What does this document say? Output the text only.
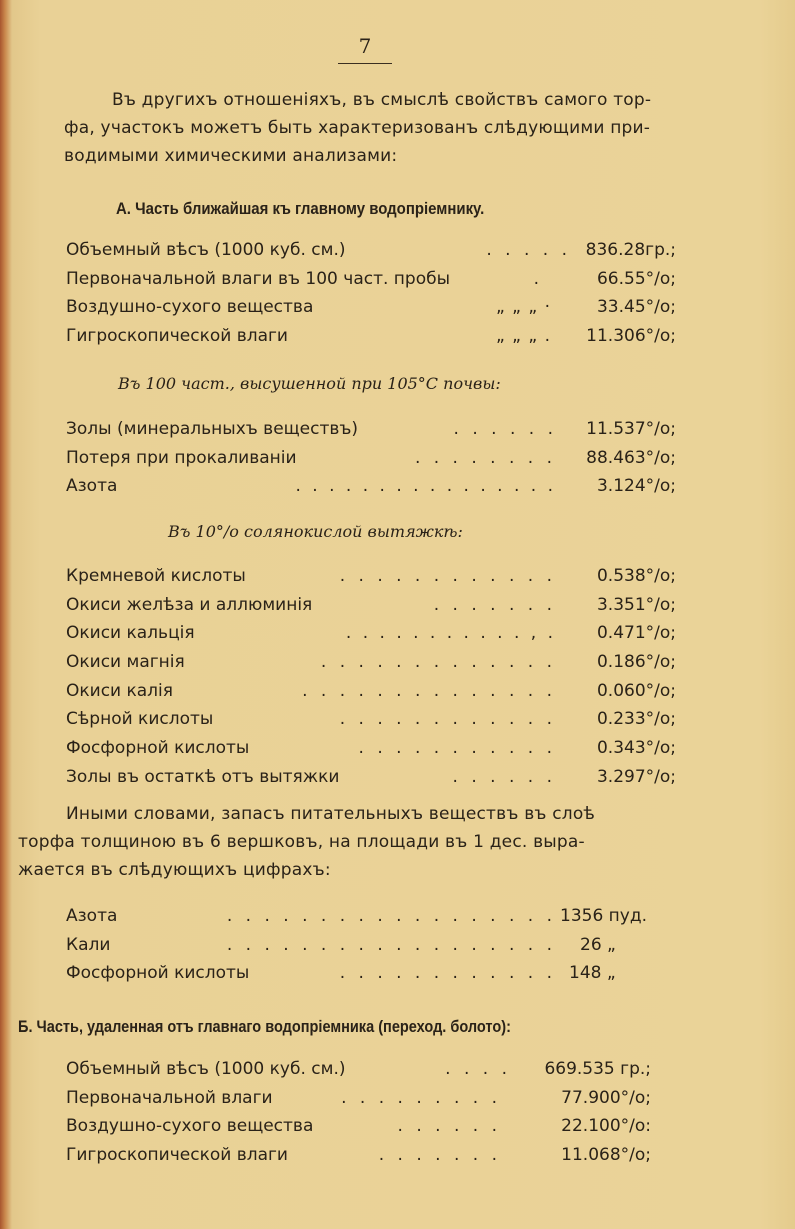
7
Въ другихъ отношеніяхъ, въ смыслѣ свойствъ самого тор-
фа, участокъ можетъ быть характеризованъ слѣдующими при-
водимыми химическими анализами:
А. Часть ближайшая къ главному водопріемнику.
Объемный вѣсъ (1000 куб. см.)	. . . . . 836.28гр.;
Первоначальной влаги въ 100 част. пробы	.	66.55°/о;
Воздушно-сухого вещества	„ „ „ ·	33.45°/о;
Гигроскопической влаги	„ „ „ .	11.306°/о;
Въ 100 част., высушенной при 105°С почвы:
Золы (минеральныхъ веществъ)	. . . . . .	11.537°/о;
Потеря при прокаливаніи	. . . . . . . .	88.463°/о;
Азота	. . . . . . . . . . . . . . . .	3.124°/о;
Въ 10°/о солянокислой вытяжкѣ:
Кремневой кислоты	. . . . . . . . . . . .	0.538°/о;
Окиси желѣза и аллюминія	. . . . . . .	3.351°/о;
Окиси кальція	. . . . . . . . . . . , .	0.471°/о;
Окиси магнія	. . . . . . . . . . . . .	0.186°/о;
Окиси калія	. . . . . . . . . . . . . .	0.060°/о;
Сѣрной кислоты	. . . . . . . . . . . .	0.233°/о;
Фосфорной кислоты	. . . . . . . . . . .	0.343°/о;
Золы въ остаткѣ отъ вытяжки	. . . . . .	3.297°/о;
Иными словами, запасъ питательныхъ веществъ въ слоѣ
торфа толщиною въ 6 вершковъ, на площади въ 1 дес. выра-
жается въ слѣдующихъ цифрахъ:
Азота	. . . . . . . . . . . . . . . . . . 1356 пуд.
Кали	. . . . . . . . . . . . . . . . . . 26 „
Фосфорной кислоты	. . . . . . . . . . . . 148 „
Б. Часть, удаленная отъ главнаго водопріемника (переход. болото):
Объемный вѣсъ (1000 куб. см.)	. . . .	669.535 гр.;
Первоначальной влаги	. . . . . . . . .	77.900°/о;
Воздушно-сухого вещества	. . . . . .	22.100°/о:
Гигроскопической влаги	. . . . . . .	11.068°/о;
